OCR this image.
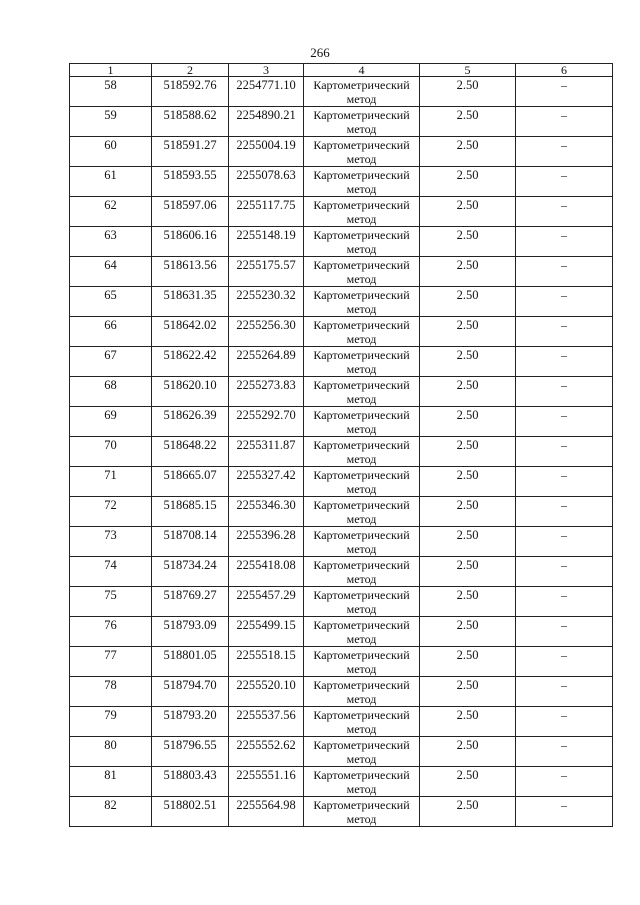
266
1	2	3	4	5	6
58	518592.76	2254771.10	Картометрический метод	2.50	–
59	518588.62	2254890.21	Картометрический метод	2.50	–
60	518591.27	2255004.19	Картометрический метод	2.50	–
61	518593.55	2255078.63	Картометрический метод	2.50	–
62	518597.06	2255117.75	Картометрический метод	2.50	–
63	518606.16	2255148.19	Картометрический метод	2.50	–
64	518613.56	2255175.57	Картометрический метод	2.50	–
65	518631.35	2255230.32	Картометрический метод	2.50	–
66	518642.02	2255256.30	Картометрический метод	2.50	–
67	518622.42	2255264.89	Картометрический метод	2.50	–
68	518620.10	2255273.83	Картометрический метод	2.50	–
69	518626.39	2255292.70	Картометрический метод	2.50	–
70	518648.22	2255311.87	Картометрический метод	2.50	–
71	518665.07	2255327.42	Картометрический метод	2.50	–
72	518685.15	2255346.30	Картометрический метод	2.50	–
73	518708.14	2255396.28	Картометрический метод	2.50	–
74	518734.24	2255418.08	Картометрический метод	2.50	–
75	518769.27	2255457.29	Картометрический метод	2.50	–
76	518793.09	2255499.15	Картометрический метод	2.50	–
77	518801.05	2255518.15	Картометрический метод	2.50	–
78	518794.70	2255520.10	Картометрический метод	2.50	–
79	518793.20	2255537.56	Картометрический метод	2.50	–
80	518796.55	2255552.62	Картометрический метод	2.50	–
81	518803.43	2255551.16	Картометрический метод	2.50	–
82	518802.51	2255564.98	Картометрический метод	2.50	–
